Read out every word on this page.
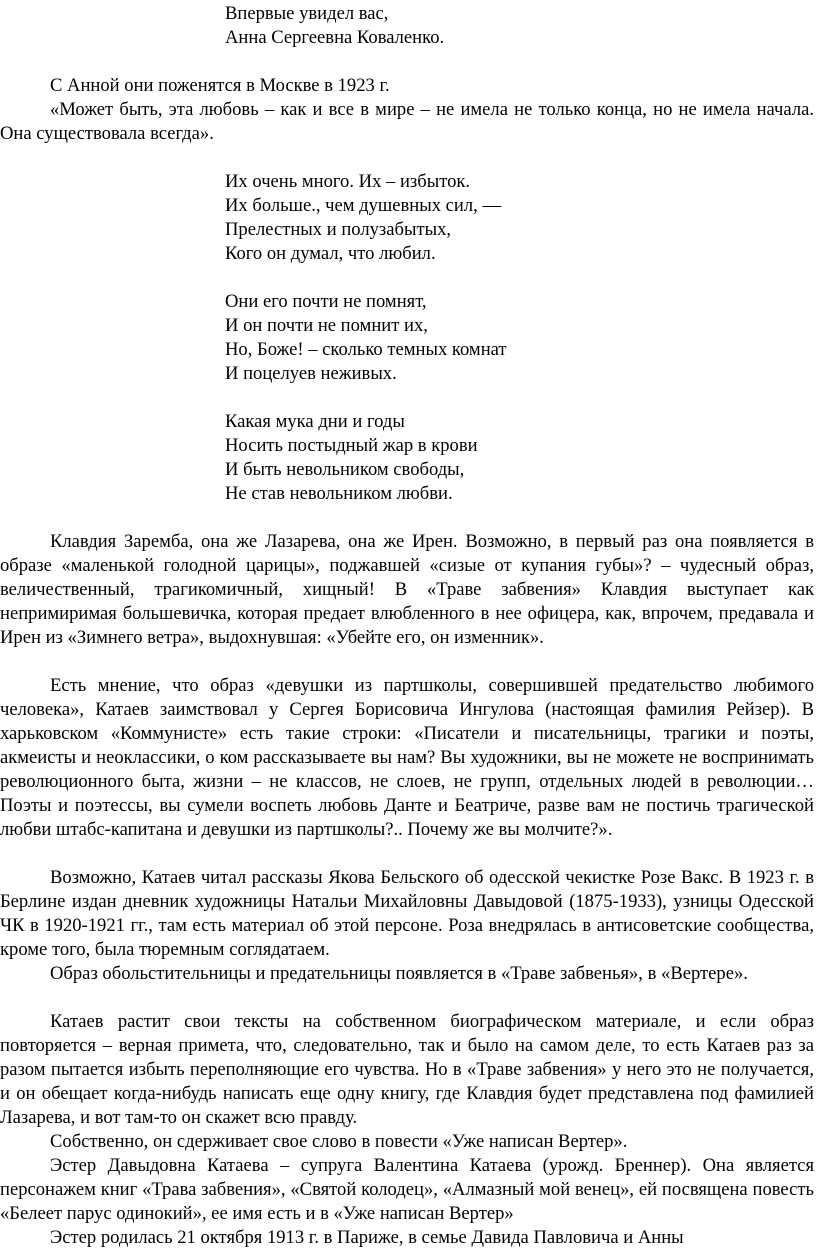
Впервые увидел вас,
Анна Сергеевна Коваленко.
С Анной они поженятся в Москве в 1923 г.
«Может быть, эта любовь – как и все в мире – не имела не только конца, но не имела начала. Она существовала всегда».
Их очень много. Их – избыток.
Их больше., чем душевных сил, —
Прелестных и полузабытых,
Кого он думал, что любил.
Они его почти не помнят,
И он почти не помнит их,
Но, Боже! – сколько темных комнат
И поцелуев неживых.
Какая мука дни и годы
Носить постыдный жар в крови
И быть невольником свободы,
Не став невольником любви.
Клавдия Заремба, она же Лазарева, она же Ирен. Возможно, в первый раз она появляется в образе «маленькой голодной царицы», поджавшей «сизые от купания губы»? – чудесный образ, величественный, трагикомичный, хищный! В «Траве забвения» Клавдия выступает как непримиримая большевичка, которая предает влюбленного в нее офицера, как, впрочем, предавала и Ирен из «Зимнего ветра», выдохнувшая: «Убейте его, он изменник».
Есть мнение, что образ «девушки из партшколы, совершившей предательство любимого человека», Катаев заимствовал у Сергея Борисовича Ингулова (настоящая фамилия Рейзер). В харьковском «Коммунисте» есть такие строки: «Писатели и писательницы, трагики и поэты, акмеисты и неоклассики, о ком рассказываете вы нам? Вы художники, вы не можете не воспринимать революционного быта, жизни – не классов, не слоев, не групп, отдельных людей в революции… Поэты и поэтессы, вы сумели воспеть любовь Данте и Беатриче, разве вам не постичь трагической любви штабс-капитана и девушки из партшколы?.. Почему же вы молчите?».
Возможно, Катаев читал рассказы Якова Бельского об одесской чекистке Розе Вакс. В 1923 г. в Берлине издан дневник художницы Натальи Михайловны Давыдовой (1875-1933), узницы Одесской ЧК в 1920-1921 гг., там есть материал об этой персоне. Роза внедрялась в антисоветские сообщества, кроме того, была тюремным соглядатаем.
Образ обольстительницы и предательницы появляется в «Траве забвенья», в «Вертере».
Катаев растит свои тексты на собственном биографическом материале, и если образ повторяется – верная примета, что, следовательно, так и было на самом деле, то есть Катаев раз за разом пытается избыть переполняющие его чувства. Но в «Траве забвения» у него это не получается, и он обещает когда-нибудь написать еще одну книгу, где Клавдия будет представлена под фамилией Лазарева, и вот там-то он скажет всю правду.
Собственно, он сдерживает свое слово в повести «Уже написан Вертер».
Эстер Давыдовна Катаева – супруга Валентина Катаева (урожд. Бреннер). Она является персонажем книг «Трава забвения», «Святой колодец», «Алмазный мой венец», ей посвящена повесть «Белеет парус одинокий», ее имя есть и в «Уже написан Вертер»
Эстер родилась 21 октября 1913 г. в Париже, в семье Давида Павловича и Анны
